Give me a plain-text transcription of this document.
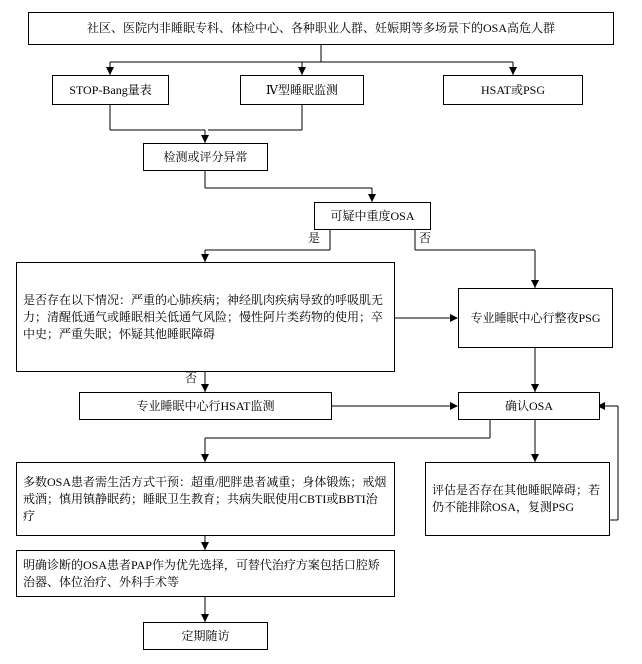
社区、医院内非睡眠专科、体检中心、各种职业人群、妊娠期等多场景下的OSA高危人群
STOP-Bang量表	Ⅳ型睡眠监测	HSAT或PSG
检测或评分异常
可疑中重度OSA
是否存在以下情况：严重的心肺疾病；神经肌肉疾病导致的呼吸肌无力；清醒低通气或睡眠相关低通气风险；慢性阿片类药物的使用；卒中史；严重失眠；怀疑其他睡眠障碍
专业睡眠中心行整夜PSG
专业睡眠中心行HSAT监测	确认OSA
多数OSA患者需生活方式干预：超重/肥胖患者减重；身体锻炼；戒烟戒酒；慎用镇静眠药；睡眠卫生教育；共病失眠使用CBTI或BBTI治疗
评估是否存在其他睡眠障碍；若仍不能排除OSA，复测PSG
明确诊断的OSA患者PAP作为优先选择，可替代治疗方案包括口腔矫治器、体位治疗、外科手术等
定期随访
是	否
否
